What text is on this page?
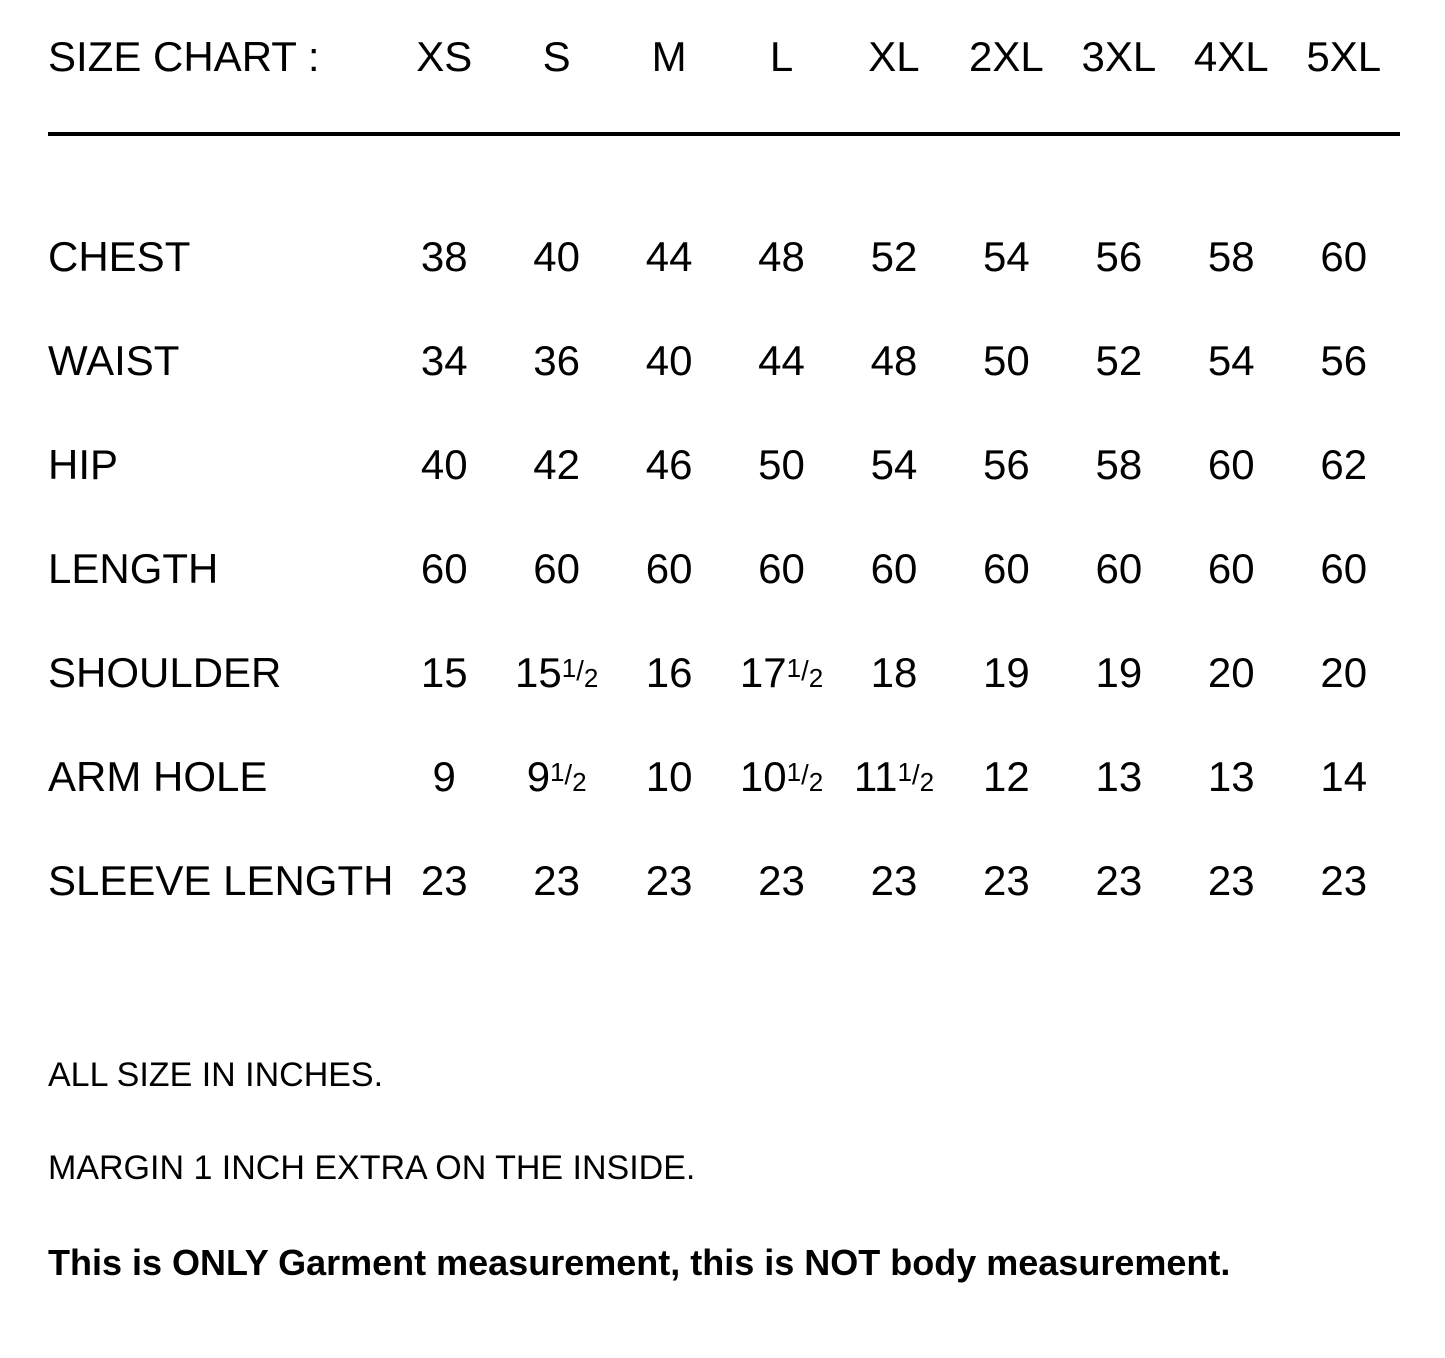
SIZE CHART :	XS	S	M	L	XL	2XL	3XL	4XL	5XL

CHEST	38	40	44	48	52	54	56	58	60
WAIST	34	36	40	44	48	50	52	54	56
HIP	40	42	46	50	54	56	58	60	62
LENGTH	60	60	60	60	60	60	60	60	60
SHOULDER	15	151/2	16	171/2	18	19	19	20	20
ARM HOLE	9	91/2	10	101/2	111/2	12	13	13	14
SLEEVE LENGTH	23	23	23	23	23	23	23	23	23
ALL SIZE IN INCHES.
MARGIN 1 INCH EXTRA ON THE INSIDE.
This is ONLY Garment measurement, this is NOT body measurement.
